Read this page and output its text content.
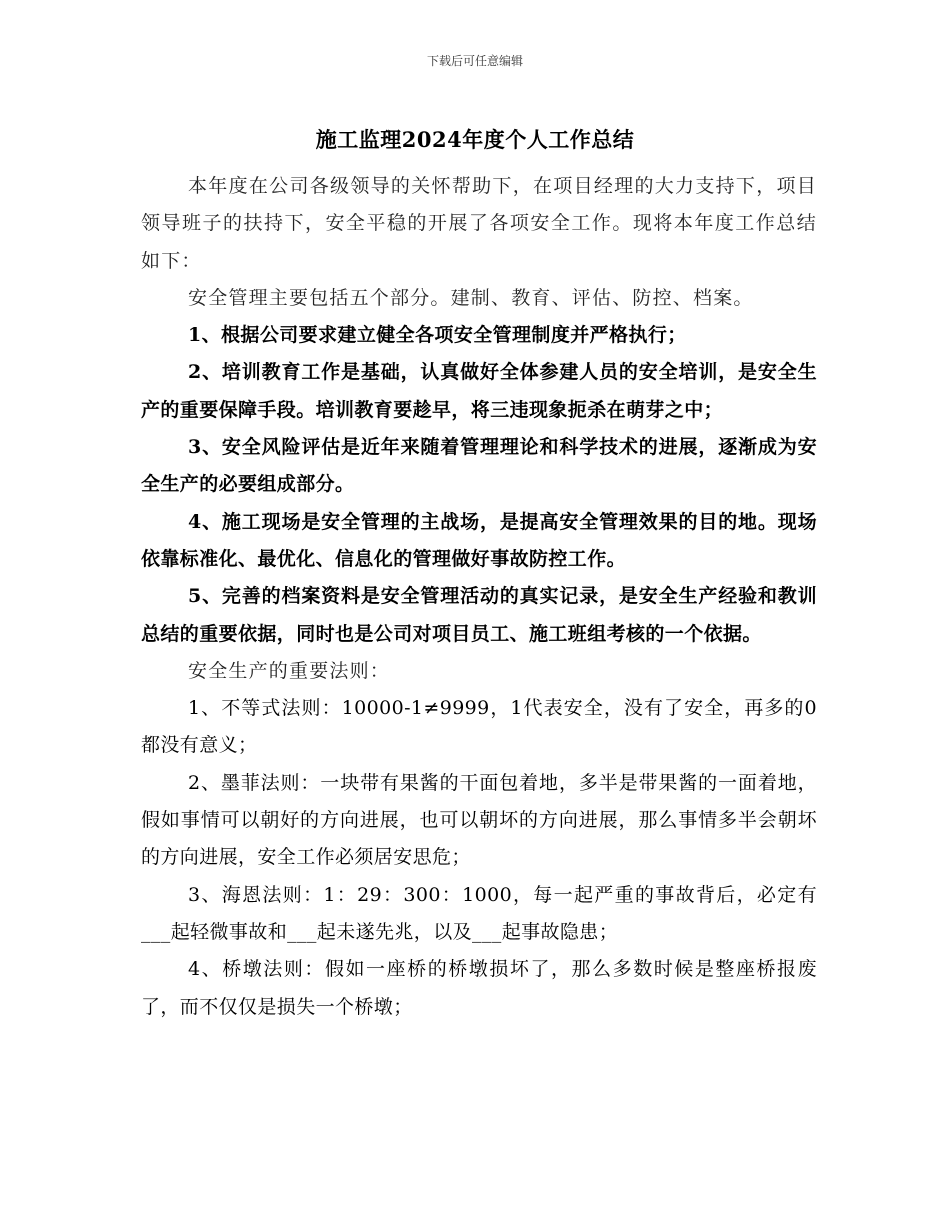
下载后可任意编辑
施工监理2024年度个人工作总结

本年度在公司各级领导的关怀帮助下，在项目经理的大力支持下，项目领导班子的扶持下，安全平稳的开展了各项安全工作。现将本年度工作总结如下：

安全管理主要包括五个部分。建制、教育、评估、防控、档案。

1、根据公司要求建立健全各项安全管理制度并严格执行；

2、培训教育工作是基础，认真做好全体参建人员的安全培训，是安全生产的重要保障手段。培训教育要趁早，将三违现象扼杀在萌芽之中；

3、安全风险评估是近年来随着管理理论和科学技术的进展，逐渐成为安全生产的必要组成部分。

4、施工现场是安全管理的主战场，是提高安全管理效果的目的地。现场依靠标准化、最优化、信息化的管理做好事故防控工作。

5、完善的档案资料是安全管理活动的真实记录，是安全生产经验和教训总结的重要依据，同时也是公司对项目员工、施工班组考核的一个依据。

安全生产的重要法则：

1、不等式法则：10000-1≠9999，1代表安全，没有了安全，再多的0都没有意义；

2、墨菲法则：一块带有果酱的干面包着地，多半是带果酱的一面着地，假如事情可以朝好的方向进展，也可以朝坏的方向进展，那么事情多半会朝坏的方向进展，安全工作必须居安思危；

3、海恩法则：1：29：300：1000，每一起严重的事故背后，必定有___起轻微事故和___起未遂先兆，以及___起事故隐患；

4、桥墩法则：假如一座桥的桥墩损坏了，那么多数时候是整座桥报废了，而不仅仅是损失一个桥墩；
